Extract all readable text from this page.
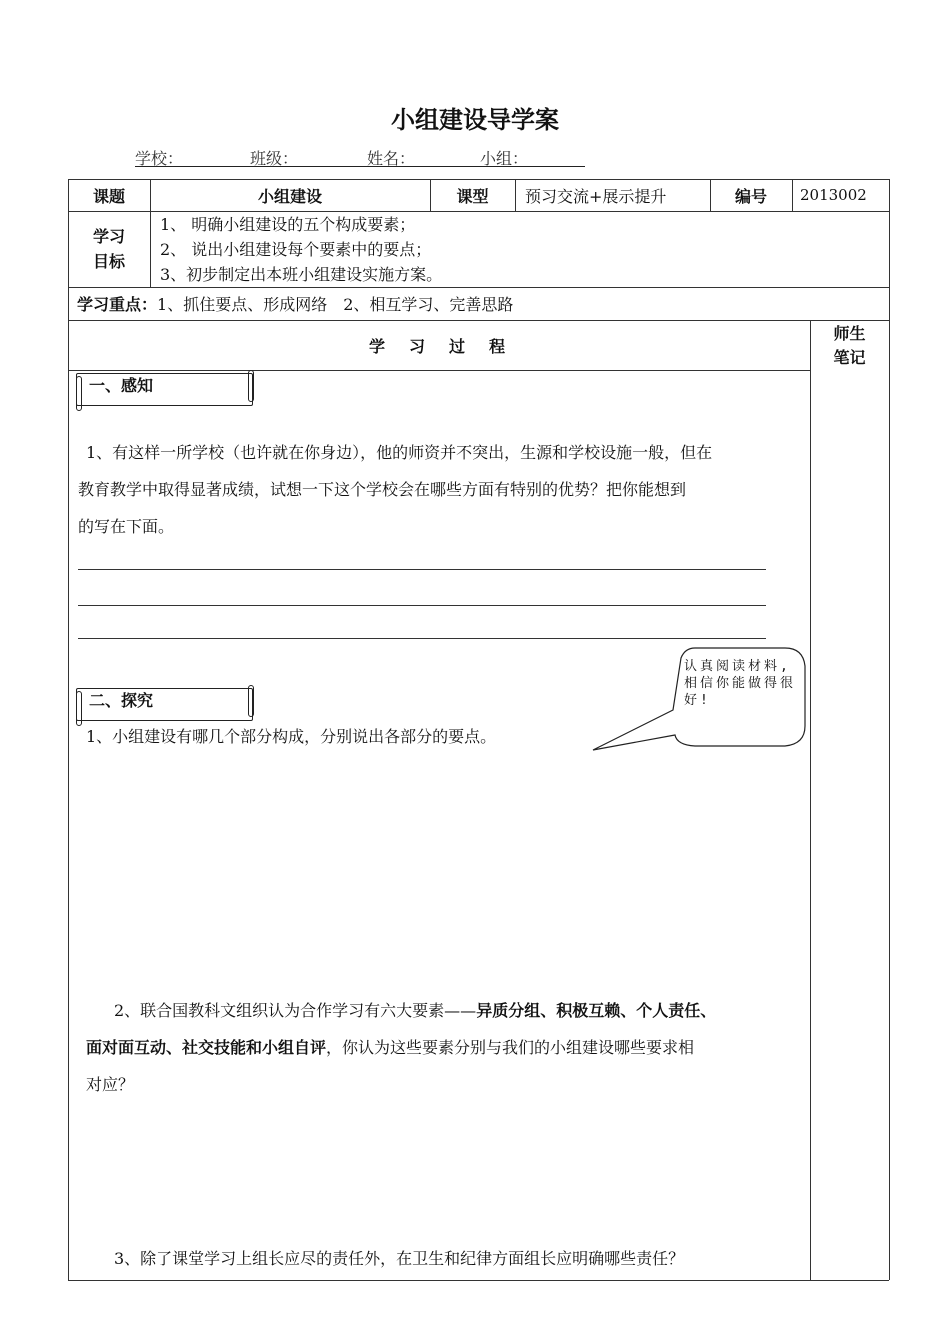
小组建设导学案
学校：	班级：	姓名：	小组：
课题	小组建设	课型	预习交流+展示提升	编号	2013002
学习
目标
1、 明确小组建设的五个构成要素；
2、 说出小组建设每个要素中的要点；
3、初步制定出本班小组建设实施方案。
学习重点：1、抓住要点、形成网络　2、相互学习、完善思路
学　习　过　程
师生
笔记
一、感知
1、有这样一所学校（也许就在你身边），他的师资并不突出，生源和学校设施一般，但在
教育教学中取得显著成绩，试想一下这个学校会在哪些方面有特别的优势？把你能想到
的写在下面。
认真阅读材料,相信你能做得很好!
二、探究
1、小组建设有哪几个部分构成，分别说出各部分的要点。
2、联合国教科文组织认为合作学习有六大要素——异质分组、积极互赖、个人责任、
面对面互动、社交技能和小组自评，你认为这些要素分别与我们的小组建设哪些要求相
对应？
3、除了课堂学习上组长应尽的责任外，在卫生和纪律方面组长应明确哪些责任？
